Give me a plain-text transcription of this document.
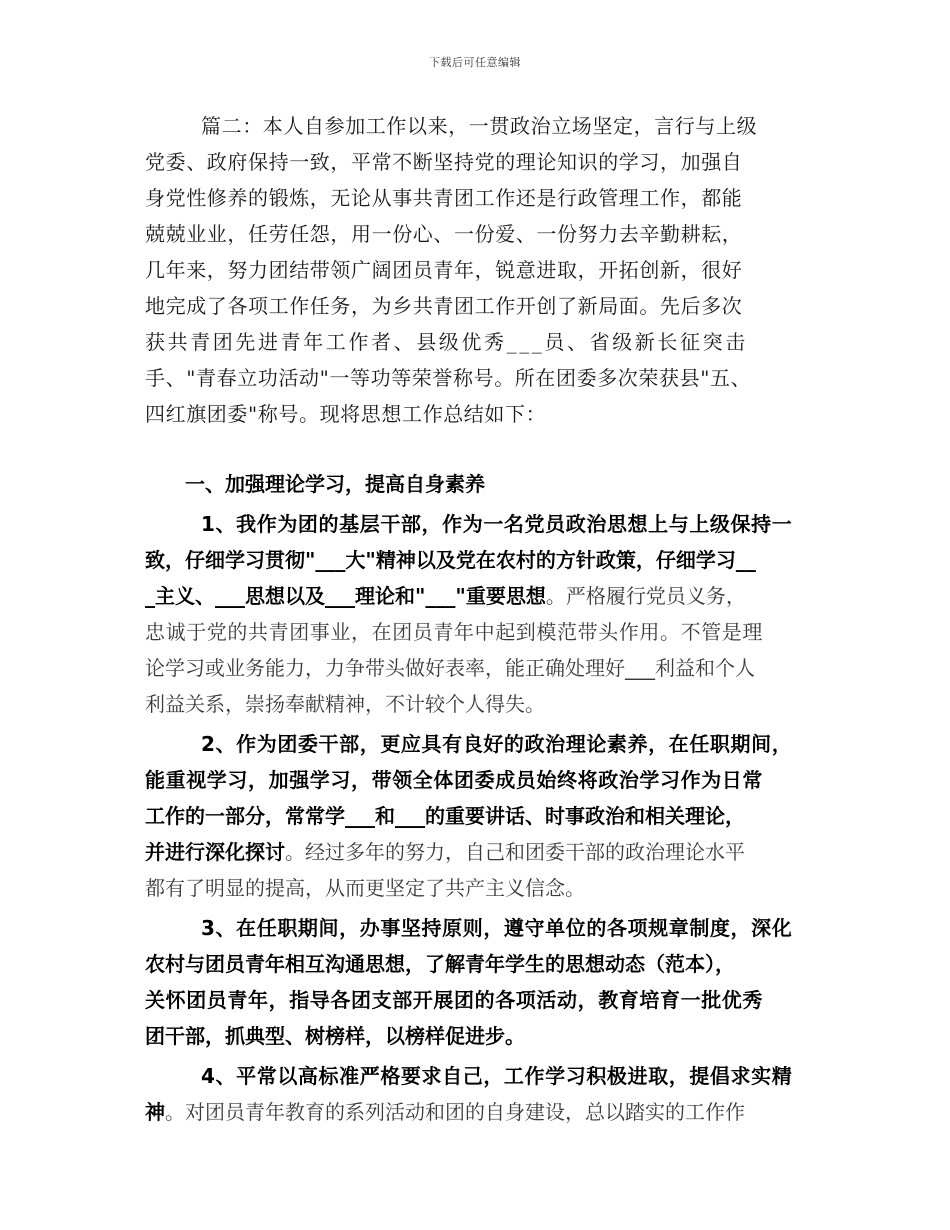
下载后可任意编辑
篇二：本人自参加工作以来，一贯政治立场坚定，言行与上级
党委、政府保持一致，平常不断坚持党的理论知识的学习，加强自
身党性修养的锻炼，无论从事共青团工作还是行政管理工作，都能
兢兢业业，任劳任怨，用一份心、一份爱、一份努力去辛勤耕耘，
几年来，努力团结带领广阔团员青年，锐意进取，开拓创新，很好
地完成了各项工作任务，为乡共青团工作开创了新局面。先后多次
获共青团先进青年工作者、县级优秀___员、省级新长征突击
手、"青春立功活动"一等功等荣誉称号。所在团委多次荣获县"五、
四红旗团委"称号。现将思想工作总结如下：
一、加强理论学习，提高自身素养
1、我作为团的基层干部，作为一名党员政治思想上与上级保持一
致，仔细学习贯彻"___大"精神以及党在农村的方针政策，仔细学习__
_主义、___思想以及___理论和"___"重要思想。严格履行党员义务，
忠诚于党的共青团事业，在团员青年中起到模范带头作用。不管是理
论学习或业务能力，力争带头做好表率，能正确处理好___利益和个人
利益关系，崇扬奉献精神，不计较个人得失。
2、作为团委干部，更应具有良好的政治理论素养，在任职期间，
能重视学习，加强学习，带领全体团委成员始终将政治学习作为日常
工作的一部分，常常学___和___的重要讲话、时事政治和相关理论，
并进行深化探讨。经过多年的努力，自己和团委干部的政治理论水平
都有了明显的提高，从而更坚定了共产主义信念。
3、在任职期间，办事坚持原则，遵守单位的各项规章制度，深化
农村与团员青年相互沟通思想，了解青年学生的思想动态（范本），
关怀团员青年，指导各团支部开展团的各项活动，教育培育一批优秀
团干部，抓典型、树榜样，以榜样促进步。
4、平常以高标准严格要求自己，工作学习积极进取，提倡求实精
神。对团员青年教育的系列活动和团的自身建设，总以踏实的工作作
